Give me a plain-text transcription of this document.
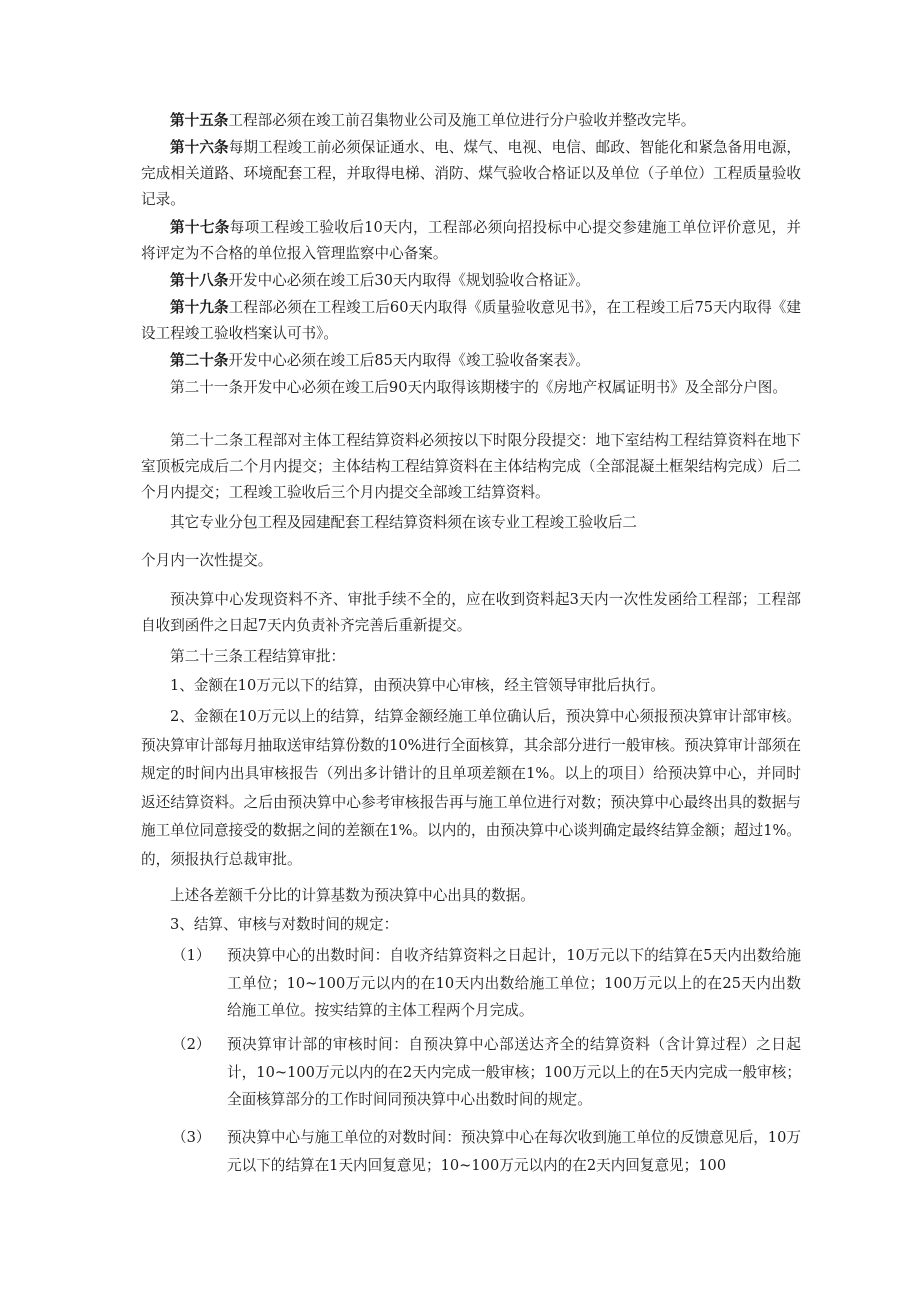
第十五条工程部必须在竣工前召集物业公司及施工单位进行分户验收并整改完毕。

第十六条每期工程竣工前必须保证通水、电、煤气、电视、电信、邮政、智能化和紧急备用电源，完成相关道路、环境配套工程，并取得电梯、消防、煤气验收合格证以及单位（子单位）工程质量验收记录。

第十七条每项工程竣工验收后10天内，工程部必须向招投标中心提交参建施工单位评价意见，并将评定为不合格的单位报入管理监察中心备案。

第十八条开发中心必须在竣工后30天内取得《规划验收合格证》。

第十九条工程部必须在工程竣工后60天内取得《质量验收意见书》，在工程竣工后75天内取得《建设工程竣工验收档案认可书》。

第二十条开发中心必须在竣工后85天内取得《竣工验收备案表》。

第二十一条开发中心必须在竣工后90天内取得该期楼宇的《房地产权属证明书》及全部分户图。

第二十二条工程部对主体工程结算资料必须按以下时限分段提交：地下室结构工程结算资料在地下室顶板完成后二个月内提交；主体结构工程结算资料在主体结构完成（全部混凝土框架结构完成）后二个月内提交；工程竣工验收后三个月内提交全部竣工结算资料。

其它专业分包工程及园建配套工程结算资料须在该专业工程竣工验收后二

个月内一次性提交。

预决算中心发现资料不齐、审批手续不全的，应在收到资料起3天内一次性发函给工程部；工程部自收到函件之日起7天内负责补齐完善后重新提交。

第二十三条工程结算审批：

1、金额在10万元以下的结算，由预决算中心审核，经主管领导审批后执行。

2、金额在10万元以上的结算，结算金额经施工单位确认后，预决算中心须报预决算审计部审核。预决算审计部每月抽取送审结算份数的10%进行全面核算，其余部分进行一般审核。预决算审计部须在规定的时间内出具审核报告（列出多计错计的且单项差额在1%。以上的项目）给预决算中心，并同时返还结算资料。之后由预决算中心参考审核报告再与施工单位进行对数；预决算中心最终出具的数据与施工单位同意接受的数据之间的差额在1%。以内的，由预决算中心谈判确定最终结算金额；超过1%。的，须报执行总裁审批。

上述各差额千分比的计算基数为预决算中心出具的数据。

3、结算、审核与对数时间的规定：

（1）	预决算中心的出数时间：自收齐结算资料之日起计，10万元以下的结算在5天内出数给施工单位；10~100万元以内的在10天内出数给施工单位；100万元以上的在25天内出数给施工单位。按实结算的主体工程两个月完成。
（2）	预决算审计部的审核时间：自预决算中心部送达齐全的结算资料（含计算过程）之日起计，10~100万元以内的在2天内完成一般审核；100万元以上的在5天内完成一般审核；全面核算部分的工作时间同预决算中心出数时间的规定。
（3）	预决算中心与施工单位的对数时间：预决算中心在每次收到施工单位的反馈意见后，10万元以下的结算在1天内回复意见；10~100万元以内的在2天内回复意见；100
